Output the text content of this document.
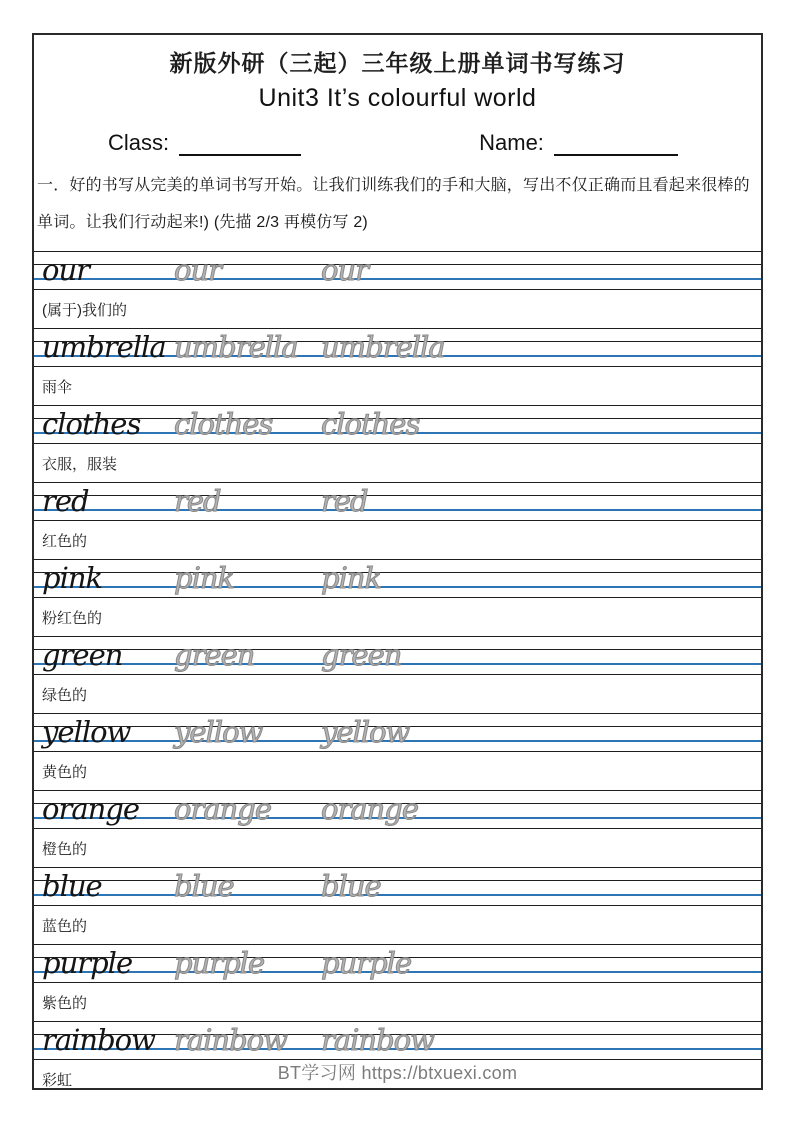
新版外研（三起）三年级上册单词书写练习
Unit3 It’s colourful world
Class:	Name:
一．好的书写从完美的单词书写开始。让我们训练我们的手和大脑，写出不仅正确而且看起来很棒的
单词。让我们行动起来!) (先描 2/3 再模仿写 2)
our	our	our
(属于)我们的
umbrella umbrella umbrella
雨伞
clothes clothes clothes
衣服，服装
red	red	red
红色的
pink pink	pink
粉红色的
green green green
绿色的
yellow yellow yellow
黄色的
orange orange orange
橙色的
blue blue	blue
蓝色的
purple purple purple
紫色的
rainbow rainbow rainbow
彩虹	BT学习网 https://btxuexi.com
